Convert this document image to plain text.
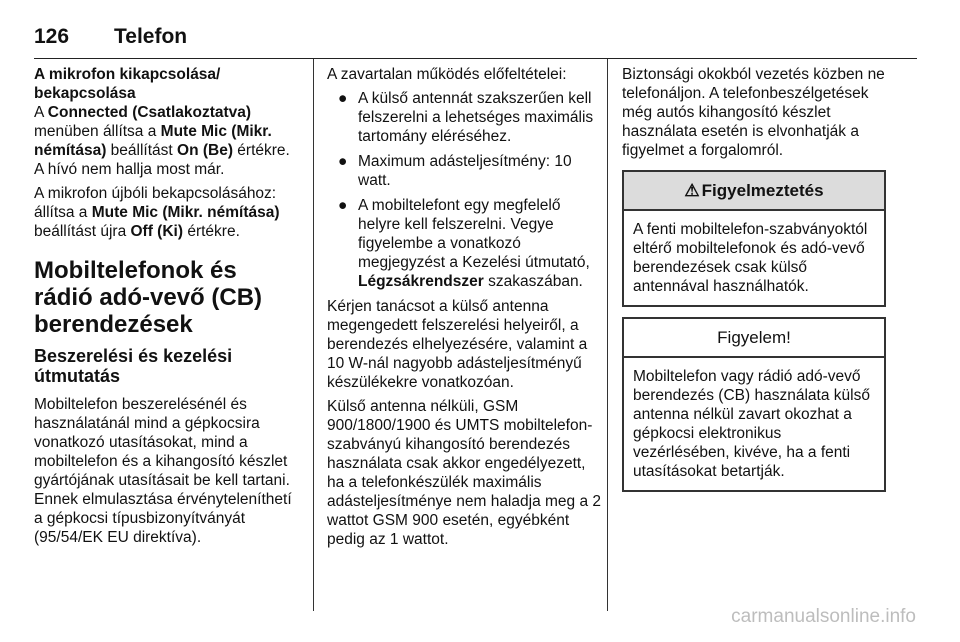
126	Telefon
A mikrofon kikapcsolása/ bekapcsolása

A Connected (Csatlakoztatva) menüben állítsa a Mute Mic (Mikr. némítása) beállítást On (Be) értékre. A hívó nem hallja most már.

A mikrofon újbóli bekapcsolásához: állítsa a Mute Mic (Mikr. némítása) beállítást újra Off (Ki) értékre.

Mobiltelefonok és rádió adó-vevő (CB) berendezések
Beszerelési és kezelési útmutatás

Mobiltelefon beszerelésénél és használatánál mind a gépkocsira vonatkozó utasításokat, mind a mobiltelefon és a kihangosító készlet gyártójának utasításait be kell tartani. Ennek elmulasztása érvényteleníthetí a gépkocsi típusbizonyítványát (95/54/EK EU direktíva).

A zavartalan működés előfeltételei:

● A külső antennát szakszerűen kell felszerelni a lehetséges maximális tartomány eléréséhez.
● Maximum adásteljesítmény: 10 watt.
● A mobiltelefont egy megfelelő helyre kell felszerelni. Vegye figyelembe a vonatkozó megjegyzést a Kezelési útmutató, Légzsákrendszer szakaszában.

Kérjen tanácsot a külső antenna megengedett felszerelési helyeiről, a berendezés elhelyezésére, valamint a 10 W-nál nagyobb adásteljesítményű készülékekre vonatkozóan.

Külső antenna nélküli, GSM 900/1800/1900 és UMTS mobiltelefon-szabványú kihangosító berendezés használata csak akkor engedélyezett, ha a telefonkészülék maximális adásteljesítménye nem haladja meg a 2 wattot GSM 900 esetén, egyébként pedig az 1 wattot.

Biztonsági okokból vezetés közben ne telefonáljon. A telefonbeszélgetések még autós kihangosító készlet használata esetén is elvonhatják a figyelmet a forgalomról.

⚠ Figyelmeztetés
A fenti mobiltelefon-szabványoktól eltérő mobiltelefonok és adó-vevő berendezések csak külső antennával használhatók.
Figyelem!
Mobiltelefon vagy rádió adó-vevő berendezés (CB) használata külső antenna nélkül zavart okozhat a gépkocsi elektronikus vezérlésében, kivéve, ha a fenti utasításokat betartják.
carmanualsonline.info
